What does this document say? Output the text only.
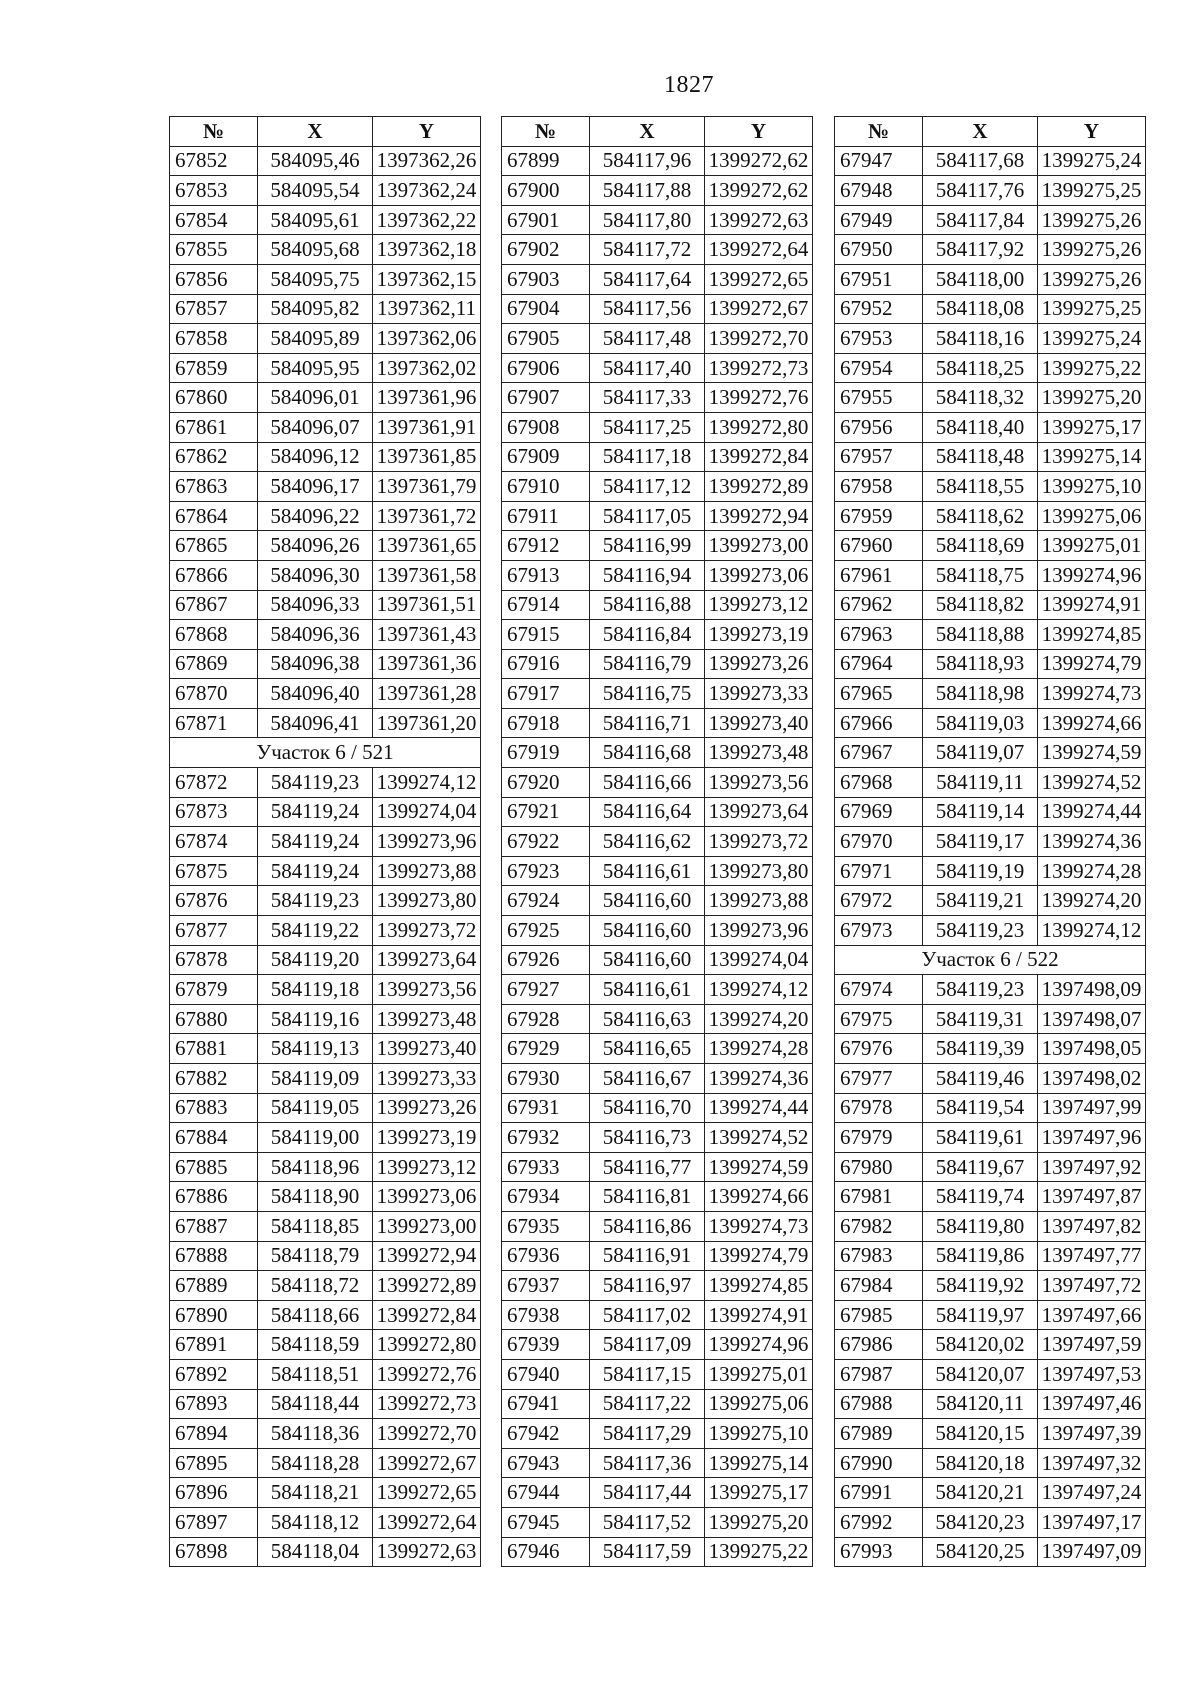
1827
№	X	Y
67852	584095,46	1397362,26
67853	584095,54	1397362,24
67854	584095,61	1397362,22
67855	584095,68	1397362,18
67856	584095,75	1397362,15
67857	584095,82	1397362,11
67858	584095,89	1397362,06
67859	584095,95	1397362,02
67860	584096,01	1397361,96
67861	584096,07	1397361,91
67862	584096,12	1397361,85
67863	584096,17	1397361,79
67864	584096,22	1397361,72
67865	584096,26	1397361,65
67866	584096,30	1397361,58
67867	584096,33	1397361,51
67868	584096,36	1397361,43
67869	584096,38	1397361,36
67870	584096,40	1397361,28
67871	584096,41	1397361,20
Участок 6 / 521		
67872	584119,23	1399274,12
67873	584119,24	1399274,04
67874	584119,24	1399273,96
67875	584119,24	1399273,88
67876	584119,23	1399273,80
67877	584119,22	1399273,72
67878	584119,20	1399273,64
67879	584119,18	1399273,56
67880	584119,16	1399273,48
67881	584119,13	1399273,40
67882	584119,09	1399273,33
67883	584119,05	1399273,26
67884	584119,00	1399273,19
67885	584118,96	1399273,12
67886	584118,90	1399273,06
67887	584118,85	1399273,00
67888	584118,79	1399272,94
67889	584118,72	1399272,89
67890	584118,66	1399272,84
67891	584118,59	1399272,80
67892	584118,51	1399272,76
67893	584118,44	1399272,73
67894	584118,36	1399272,70
67895	584118,28	1399272,67
67896	584118,21	1399272,65
67897	584118,12	1399272,64
67898	584118,04	1399272,63
№	X	Y
67899	584117,96	1399272,62
67900	584117,88	1399272,62
67901	584117,80	1399272,63
67902	584117,72	1399272,64
67903	584117,64	1399272,65
67904	584117,56	1399272,67
67905	584117,48	1399272,70
67906	584117,40	1399272,73
67907	584117,33	1399272,76
67908	584117,25	1399272,80
67909	584117,18	1399272,84
67910	584117,12	1399272,89
67911	584117,05	1399272,94
67912	584116,99	1399273,00
67913	584116,94	1399273,06
67914	584116,88	1399273,12
67915	584116,84	1399273,19
67916	584116,79	1399273,26
67917	584116,75	1399273,33
67918	584116,71	1399273,40
67919	584116,68	1399273,48
67920	584116,66	1399273,56
67921	584116,64	1399273,64
67922	584116,62	1399273,72
67923	584116,61	1399273,80
67924	584116,60	1399273,88
67925	584116,60	1399273,96
67926	584116,60	1399274,04
67927	584116,61	1399274,12
67928	584116,63	1399274,20
67929	584116,65	1399274,28
67930	584116,67	1399274,36
67931	584116,70	1399274,44
67932	584116,73	1399274,52
67933	584116,77	1399274,59
67934	584116,81	1399274,66
67935	584116,86	1399274,73
67936	584116,91	1399274,79
67937	584116,97	1399274,85
67938	584117,02	1399274,91
67939	584117,09	1399274,96
67940	584117,15	1399275,01
67941	584117,22	1399275,06
67942	584117,29	1399275,10
67943	584117,36	1399275,14
67944	584117,44	1399275,17
67945	584117,52	1399275,20
67946	584117,59	1399275,22
№	X	Y
67947	584117,68	1399275,24
67948	584117,76	1399275,25
67949	584117,84	1399275,26
67950	584117,92	1399275,26
67951	584118,00	1399275,26
67952	584118,08	1399275,25
67953	584118,16	1399275,24
67954	584118,25	1399275,22
67955	584118,32	1399275,20
67956	584118,40	1399275,17
67957	584118,48	1399275,14
67958	584118,55	1399275,10
67959	584118,62	1399275,06
67960	584118,69	1399275,01
67961	584118,75	1399274,96
67962	584118,82	1399274,91
67963	584118,88	1399274,85
67964	584118,93	1399274,79
67965	584118,98	1399274,73
67966	584119,03	1399274,66
67967	584119,07	1399274,59
67968	584119,11	1399274,52
67969	584119,14	1399274,44
67970	584119,17	1399274,36
67971	584119,19	1399274,28
67972	584119,21	1399274,20
67973	584119,23	1399274,12
Участок 6 / 522		
67974	584119,23	1397498,09
67975	584119,31	1397498,07
67976	584119,39	1397498,05
67977	584119,46	1397498,02
67978	584119,54	1397497,99
67979	584119,61	1397497,96
67980	584119,67	1397497,92
67981	584119,74	1397497,87
67982	584119,80	1397497,82
67983	584119,86	1397497,77
67984	584119,92	1397497,72
67985	584119,97	1397497,66
67986	584120,02	1397497,59
67987	584120,07	1397497,53
67988	584120,11	1397497,46
67989	584120,15	1397497,39
67990	584120,18	1397497,32
67991	584120,21	1397497,24
67992	584120,23	1397497,17
67993	584120,25	1397497,09
